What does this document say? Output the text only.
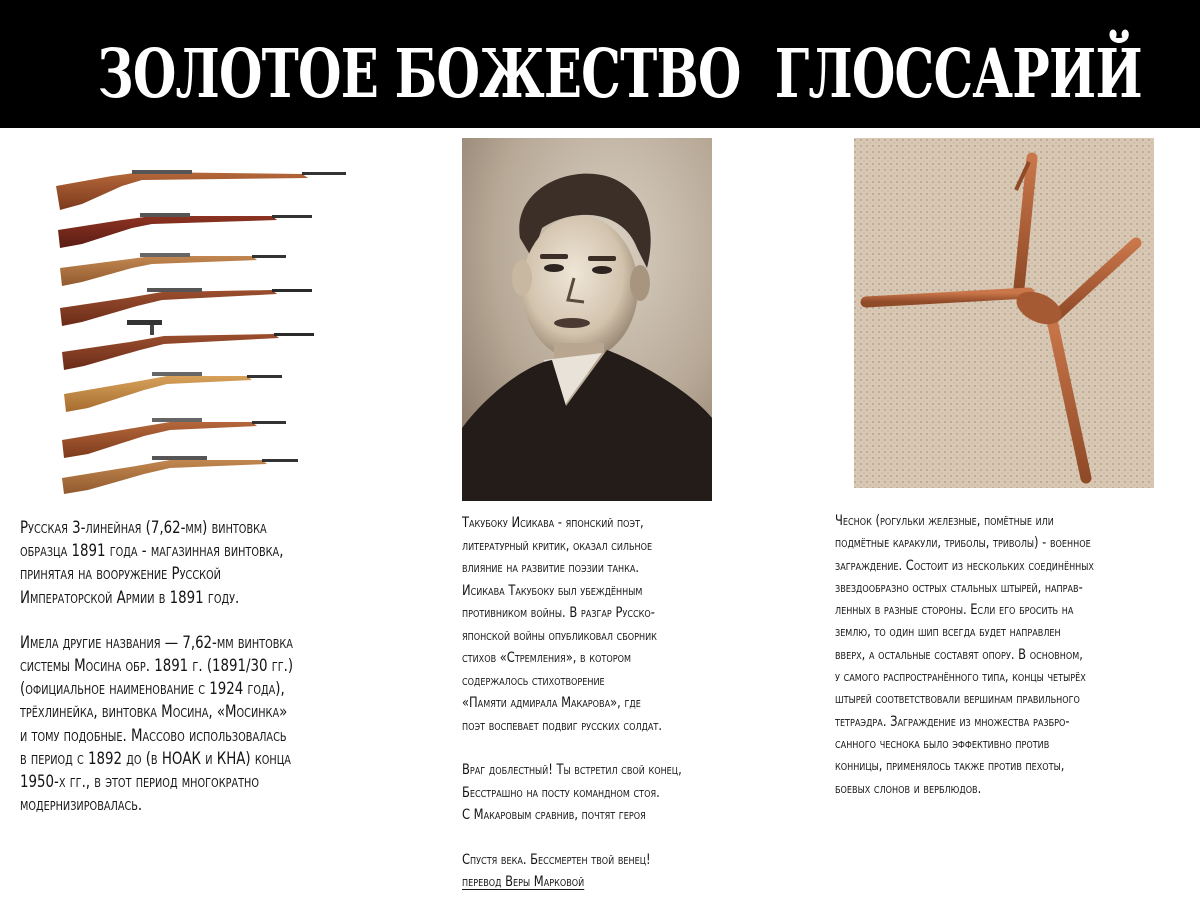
ЗОЛОТОЕ БОЖЕСТВО ГЛОССАРИЙ

Русская 3-линейная (7,62-мм) винтовка

образца 1891 года - магазинная винтовка,

принятая на вооружение Русской

Императорской Армии в 1891 году.

Имела другие названия — 7,62-мм винтовка

системы Мосина обр. 1891 г. (1891/30 гг.)

(официальное наименование с 1924 года),

трёхлинейка, винтовка Мосина, «Мосинка»

и тому подобные. Массово использовалась

в период с 1892 до (в НОАК и КНА) конца

1950-х гг., в этот период многократно

модернизировалась.

Такубоку Исикава - японский поэт,

литературный критик, оказал сильное

влияние на развитие поэзии танка.

Исикава Такубоку был убеждённым

противником войны. В разгар Русско-

японской войны опубликовал сборник

стихов «Стремления», в котором

содержалось стихотворение

«Памяти адмирала Макарова», где

поэт воспевает подвиг русских солдат.

Враг доблестный! Ты встретил свой конец,

Бесстрашно на посту командном стоя.

С Макаровым сравнив, почтят героя

Спустя века. Бессмертен твой венец!

перевод Веры Марковой

Чеснок (рогульки железные, помётные или

подмётные каракули, триболы, триволы) - военное

заграждение. Состоит из нескольких соединённых

звездообразно острых стальных штырей, направ-

ленных в разные стороны. Если его бросить на

землю, то один шип всегда будет направлен

вверх, а остальные составят опору. В основном,

у самого распространённого типа, концы четырёх

штырей соответствовали вершинам правильного

тетраэдра. Заграждение из множества разбро-

санного чеснока было эффективно против

конницы, применялось также против пехоты,

боевых слонов и верблюдов.
